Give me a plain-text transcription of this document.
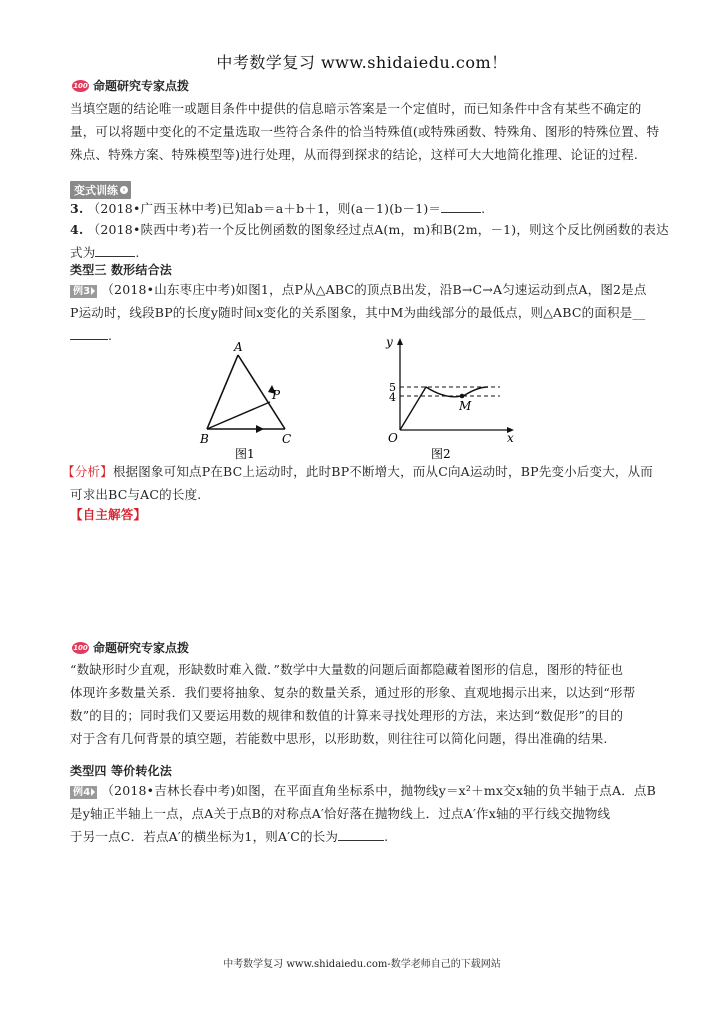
中考数学复习 www.shidaiedu.com！
100 命题研究专家点拨
当填空题的结论唯一或题目条件中提供的信息暗示答案是一个定值时，而已知条件中含有某些不确定的
量，可以将题中变化的不定量选取一些符合条件的恰当特殊值(或特殊函数、特殊角、图形的特殊位置、特
殊点、特殊方案、特殊模型等)进行处理，从而得到探求的结论，这样可大大地简化推理、论证的过程.
变式训练 ›
3. （2018•广西玉林中考)已知ab＝a＋b＋1，则(a－1)(b－1)＝	.
4. （2018•陕西中考)若一个反比例函数的图象经过点A(m，m)和B(2m，－1)，则这个反比例函数的表达
式为	.
类型三 数形结合法
例3 （2018•山东枣庄中考)如图1，点P从△ABC的顶点B出发，沿B→C→A匀速运动到点A，图2是点
P运动时，线段BP的长度y随时间x变化的关系图象，其中M为曲线部分的最低点，则△ABC的面积是__
.
A
B	C
P
图1
y
x
O
5
4
M
图2
【分析】根据图象可知点P在BC上运动时，此时BP不断增大，而从C向A运动时，BP先变小后变大，从而
可求出BC与AC的长度.
【自主解答】
100 命题研究专家点拨
“数缺形时少直观，形缺数时难入微．”数学中大量数的问题后面都隐藏着图形的信息，图形的特征也
体现许多数量关系．我们要将抽象、复杂的数量关系，通过形的形象、直观地揭示出来，以达到“形帮
数”的目的；同时我们又要运用数的规律和数值的计算来寻找处理形的方法，来达到“数促形”的目的
对于含有几何背景的填空题，若能数中思形，以形助数，则往往可以简化问题，得出准确的结果.
类型四 等价转化法
例4 （2018•吉林长春中考)如图，在平面直角坐标系中，抛物线y＝x²＋mx交x轴的负半轴于点A．点B
是y轴正半轴上一点，点A关于点B的对称点A′恰好落在抛物线上．过点A′作x轴的平行线交抛物线
于另一点C．若点A′的横坐标为1，则A′C的长为	.
中考数学复习 www.shidaiedu.com-数学老师自己的下载网站
